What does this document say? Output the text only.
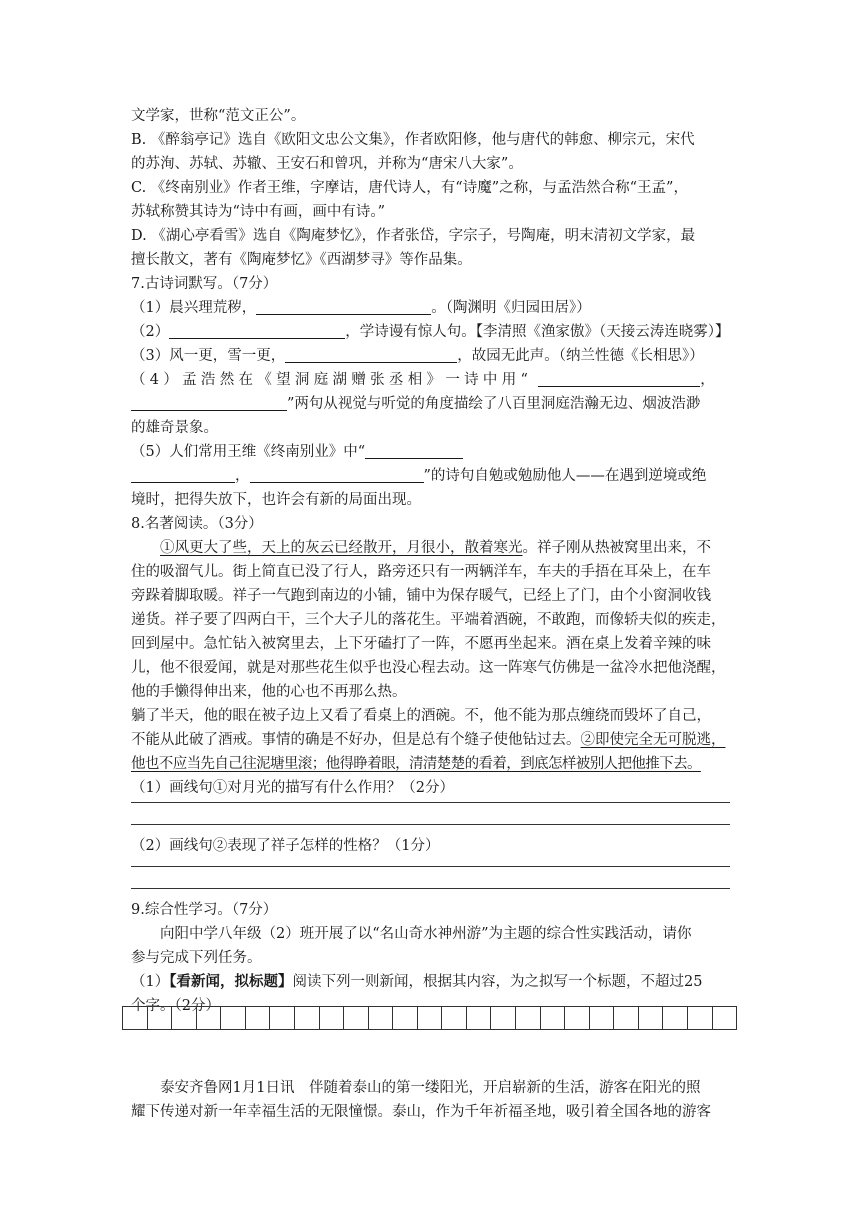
文学家，世称“范文正公”。
B. 《醉翁亭记》选自《欧阳文忠公文集》，作者欧阳修，他与唐代的韩愈、柳宗元，宋代
的苏洵、苏轼、苏辙、王安石和曾巩，并称为“唐宋八大家”。
C. 《终南别业》作者王维，字摩诘，唐代诗人，有“诗魔”之称，与孟浩然合称“王孟”，
苏轼称赞其诗为“诗中有画，画中有诗。”
D. 《湖心亭看雪》选自《陶庵梦忆》，作者张岱，字宗子，号陶庵，明末清初文学家，最
擅长散文，著有《陶庵梦忆》《西湖梦寻》等作品集。
7.古诗词默写。（7分）
（1）晨兴理荒秽，	。（陶渊明《归园田居》）
（2）	，学诗谩有惊人句。【李清照《渔家傲》（天接云涛连晓雾）】
（3）风一更，雪一更，	，故园无此声。（纳兰性德《长相思》）
（4）孟浩然在《望洞庭湖赠张丞相》一诗中用“	，
”两句从视觉与听觉的角度描绘了八百里洞庭浩瀚无边、烟波浩渺
的雄奇景象。
（5）人们常用王维《终南别业》中“
，	”的诗句自勉或勉励他人——在遇到逆境或绝
境时，把得失放下，也许会有新的局面出现。
8.名著阅读。（3分）
①风更大了些，天上的灰云已经散开，月很小，散着寒光。祥子刚从热被窝里出来，不
住的吸溜气儿。街上简直已没了行人，路旁还只有一两辆洋车，车夫的手捂在耳朵上，在车
旁跺着脚取暖。祥子一气跑到南边的小铺，铺中为保存暖气，已经上了门，由个小窗洞收钱
递货。祥子要了四两白干，三个大子儿的落花生。平端着酒碗，不敢跑，而像轿夫似的疾走，
回到屋中。急忙钻入被窝里去，上下牙磕打了一阵，不愿再坐起来。酒在桌上发着辛辣的味
儿，他不很爱闻，就是对那些花生似乎也没心程去动。这一阵寒气仿佛是一盆冷水把他浇醒，
他的手懒得伸出来，他的心也不再那么热。
躺了半天，他的眼在被子边上又看了看桌上的酒碗。不，他不能为那点缠绕而毁坏了自己，
不能从此破了酒戒。事情的确是不好办，但是总有个缝子使他钻过去。②即使完全无可脱逃，
他也不应当先自己往泥塘里滚；他得睁着眼，清清楚楚的看着，到底怎样被别人把他推下去。
（1）画线句①对月光的描写有什么作用？（2分）
（2）画线句②表现了祥子怎样的性格？（1分）
9.综合性学习。（7分）
向阳中学八年级（2）班开展了以“名山奇水神州游”为主题的综合性实践活动，请你
参与完成下列任务。
（1）【看新闻，拟标题】阅读下列一则新闻，根据其内容，为之拟写一个标题，不超过25
个字。（2分）
泰安齐鲁网1月1日讯　伴随着泰山的第一缕阳光，开启崭新的生活，游客在阳光的照
耀下传递对新一年幸福生活的无限憧憬。泰山，作为千年祈福圣地，吸引着全国各地的游客
